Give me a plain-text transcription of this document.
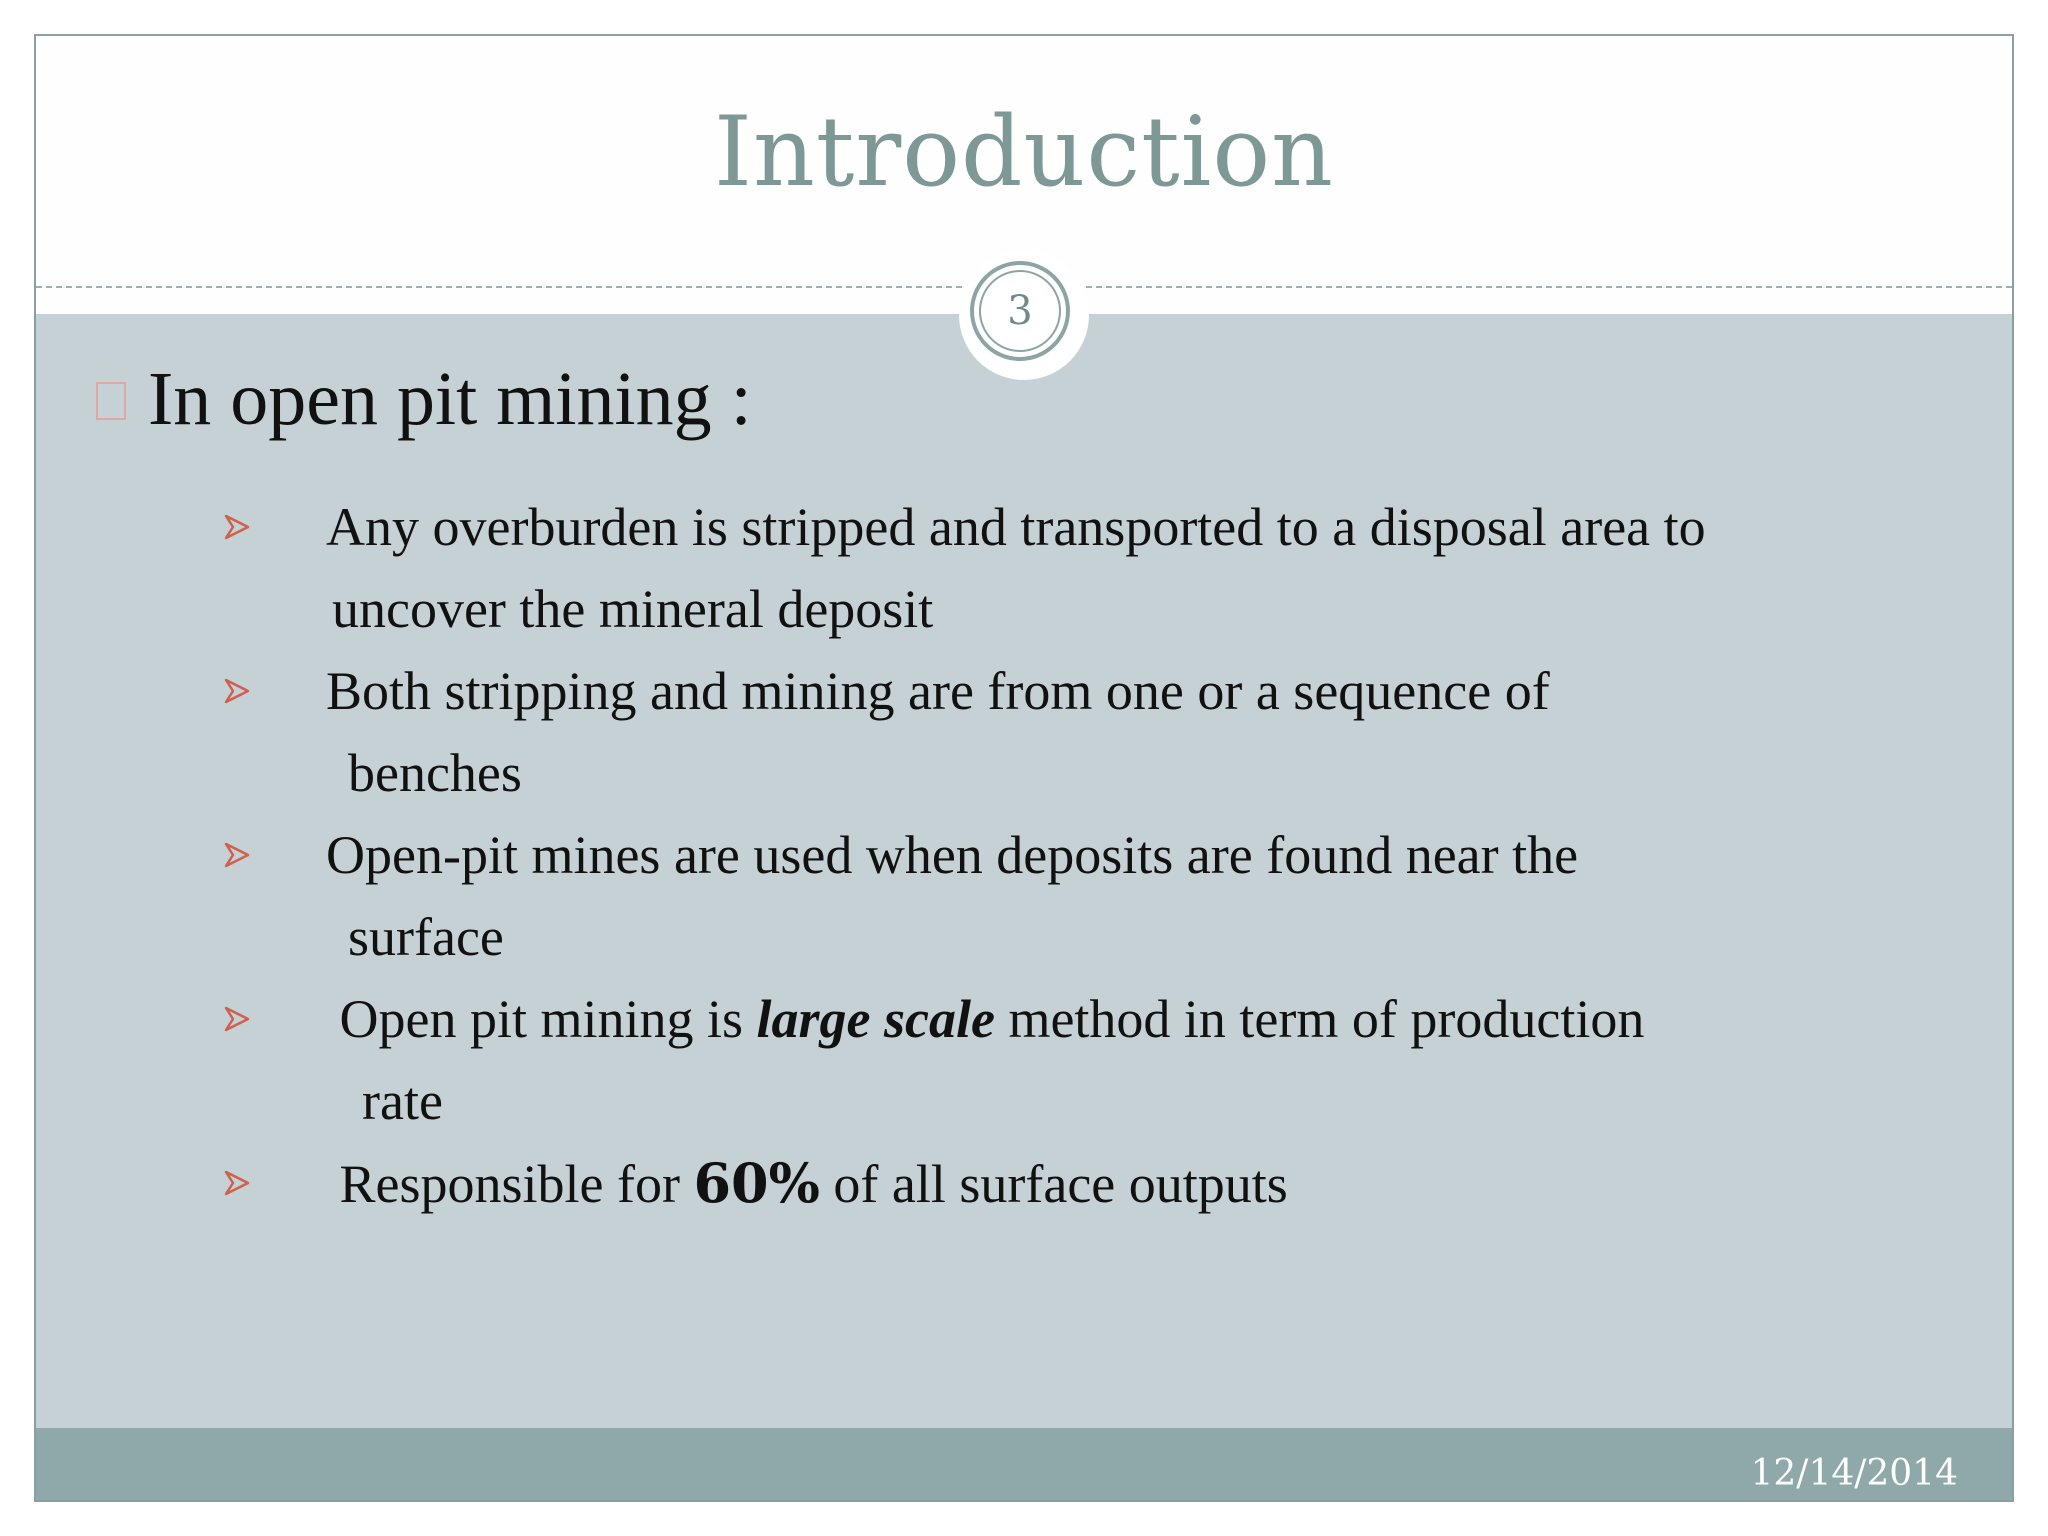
Introduction
3
In open pit mining :
Any overburden is stripped and transported to a disposal area to
uncover the mineral deposit
Both stripping and mining are from one or a sequence of
benches
Open-pit mines are used when deposits are found near the
surface
Open pit mining is large scale method in term of production
rate
Responsible for 60% of all surface outputs
12/14/2014
